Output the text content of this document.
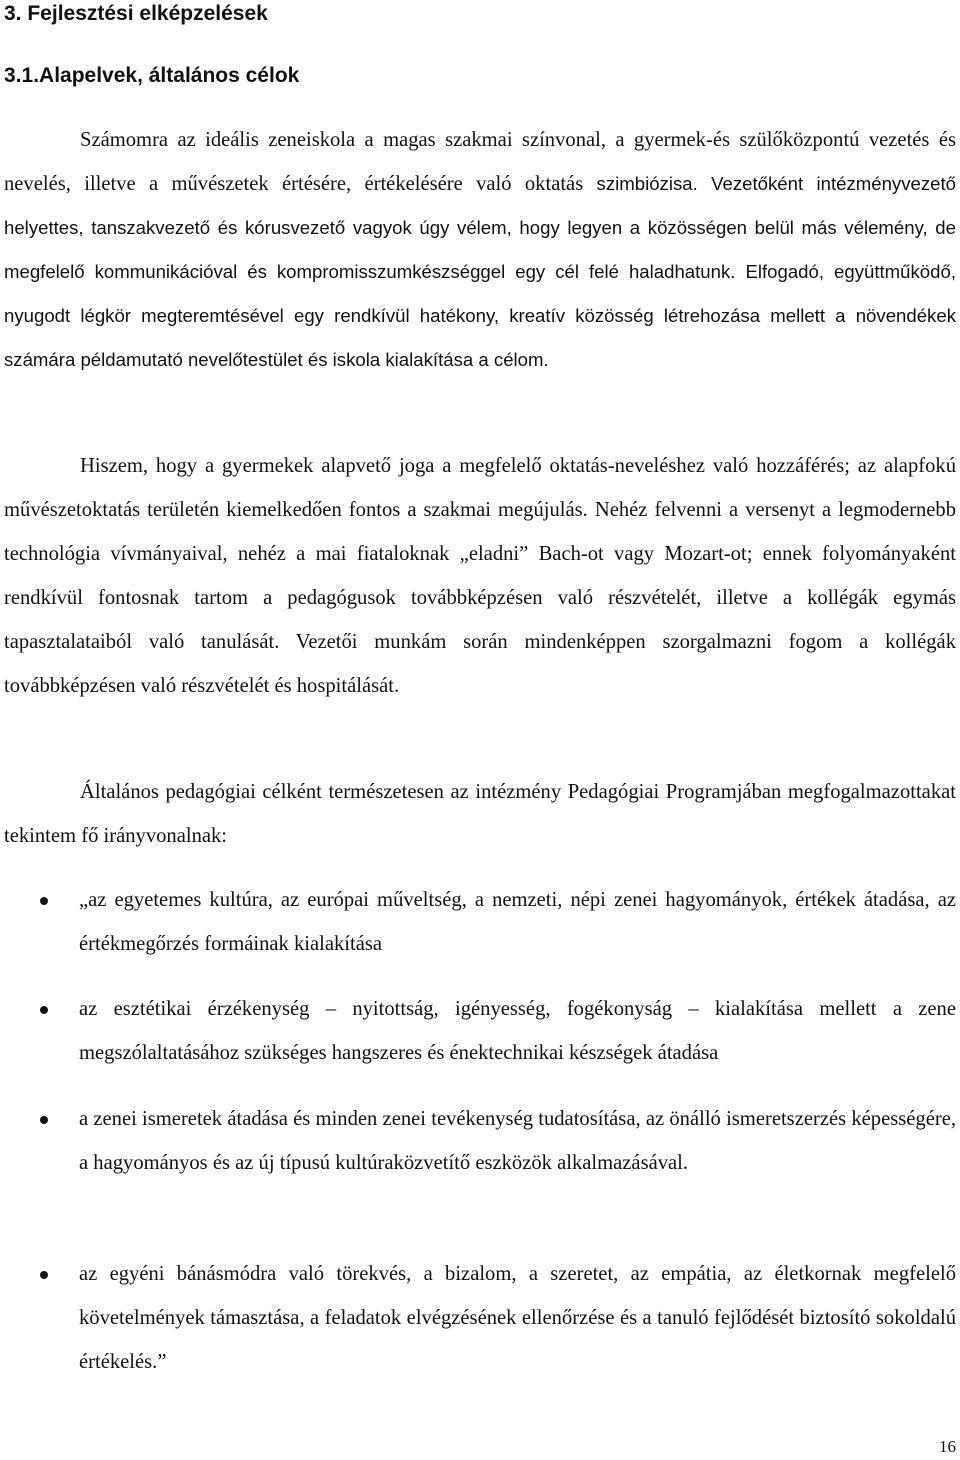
3. Fejlesztési elképzelések
3.1.Alapelvek, általános célok

Számomra az ideális zeneiskola a magas szakmai színvonal, a gyermek-és szülőközpontú vezetés és nevelés, illetve a művészetek értésére, értékelésére való oktatás szimbiózisa. Vezetőként intézményvezető helyettes, tanszakvezető és kórusvezető vagyok úgy vélem, hogy legyen a közösségen belül más vélemény, de megfelelő kommunikációval és kompromisszumkészséggel egy cél felé haladhatunk. Elfogadó, együttműködő, nyugodt légkör megteremtésével egy rendkívül hatékony, kreatív közösség létrehozása mellett a növendékek számára példamutató nevelőtestület és iskola kialakítása a célom.

Hiszem, hogy a gyermekek alapvető joga a megfelelő oktatás-neveléshez való hozzáférés; az alapfokú művészetoktatás területén kiemelkedően fontos a szakmai megújulás. Nehéz felvenni a versenyt a legmodernebb technológia vívmányaival, nehéz a mai fiataloknak „eladni” Bach-ot vagy Mozart-ot; ennek folyományaként rendkívül fontosnak tartom a pedagógusok továbbképzésen való részvételét, illetve a kollégák egymás tapasztalataiból való tanulását. Vezetői munkám során mindenképpen szorgalmazni fogom a kollégák továbbképzésen való részvételét és hospitálását.

Általános pedagógiai célként természetesen az intézmény Pedagógiai Programjában megfogalmazottakat tekintem fő irányvonalnak:

„az egyetemes kultúra, az európai műveltség, a nemzeti, népi zenei hagyományok, értékek átadása, az értékmegőrzés formáinak kialakítása

az esztétikai érzékenység – nyitottság, igényesség, fogékonyság – kialakítása mellett a zene megszólaltatásához szükséges hangszeres és énektechnikai készségek átadása

a zenei ismeretek átadása és minden zenei tevékenység tudatosítása, az önálló ismeretszerzés képességére, a hagyományos és az új típusú kultúraközvetítő eszközök alkalmazásával.

az egyéni bánásmódra való törekvés, a bizalom, a szeretet, az empátia, az életkornak megfelelő követelmények támasztása, a feladatok elvégzésének ellenőrzése és a tanuló fejlődését biztosító sokoldalú értékelés.”

16
